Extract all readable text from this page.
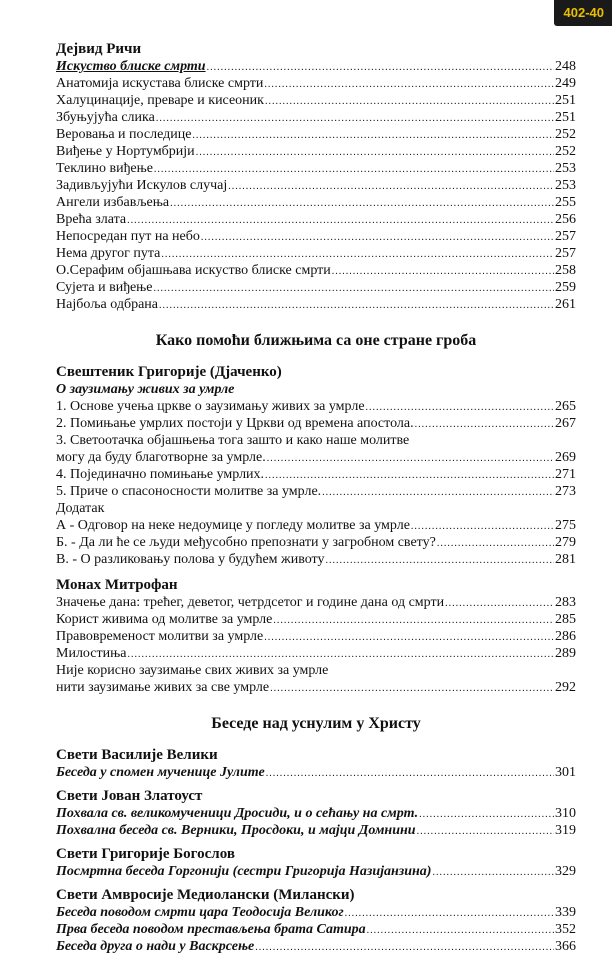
402-40
Дејвид Ричи
Искуство блиске смрти .....	248
Анатомија искустава блиске смрти .....	249
Халуцинације, преваре и кисеоник .....	251
Збуњујућа слика .....	251
Веровања и последице .....	252
Виђење у Нортумбрији .....	252
Теклино виђење .....	253
Задивљујући Искулов случај .....	253
Ангели избављења .....	255
Врећа злата .....	256
Непосредан пут на небо .....	257
Нема другог пута .....	257
О.Серафим објашњава искуство блиске смрти .....	258
Сујета и виђење .....	259
Најбоља одбрана .....	261
Како помоћи ближњима са оне стране гроба
Свештеник Григорије (Дјаченко)
О заузимању живих за умрле
1. Основе учења цркве о заузимању живих за умрле .....	265
2. Помињање умрлих постоји у Цркви од времена апостола. .....	267
3. Светоотачка објашњења тога зашто и како наше молитве
могу да буду благотворне за умрле. .....	269
4. Појединачно помињање умрлих. .....	271
5. Приче о спасоносности молитве за умрле. .....	273
Додатак
А - Одговор на неке недоумице у погледу молитве за умрле .....	275
Б. - Да ли ће се људи међусобно препознати у загробном свету? .....	279
В. - О разликовању полова у будућем животу .....	281
Монах Митрофан
Значење дана: трећег, деветог, четрдсетог и године дана од смрти .....	283
Корист живима од молитве за умрле .....	285
Правовременост молитви за умрле .....	286
Милостиња .....	289
Није корисно заузимање свих живих за умрле
нити заузимање живих за све умрле .....	292
Беседе над уснулим у Христу
Свети Василије Велики
Беседа у спомен мученице Јулите .....	301
Свети Јован Златоуст
Похвала св. великомученици Дросиди, и о сећању на смрт. .....	310
Похвална беседа св. Верники, Просдоки, и мајци Домнини .....	319
Свети Григорије Богослов
Посмртна беседа Горгонији (сестри Григорија Назијанзина) .....	329
Свети Амвросије Медиолански (Милански)
Беседа поводом смрти цара Теодосија Великог .....	339
Прва беседа поводом престављења брата Сатира .....	352
Беседа друга о нади у Васкрсење .....	366
